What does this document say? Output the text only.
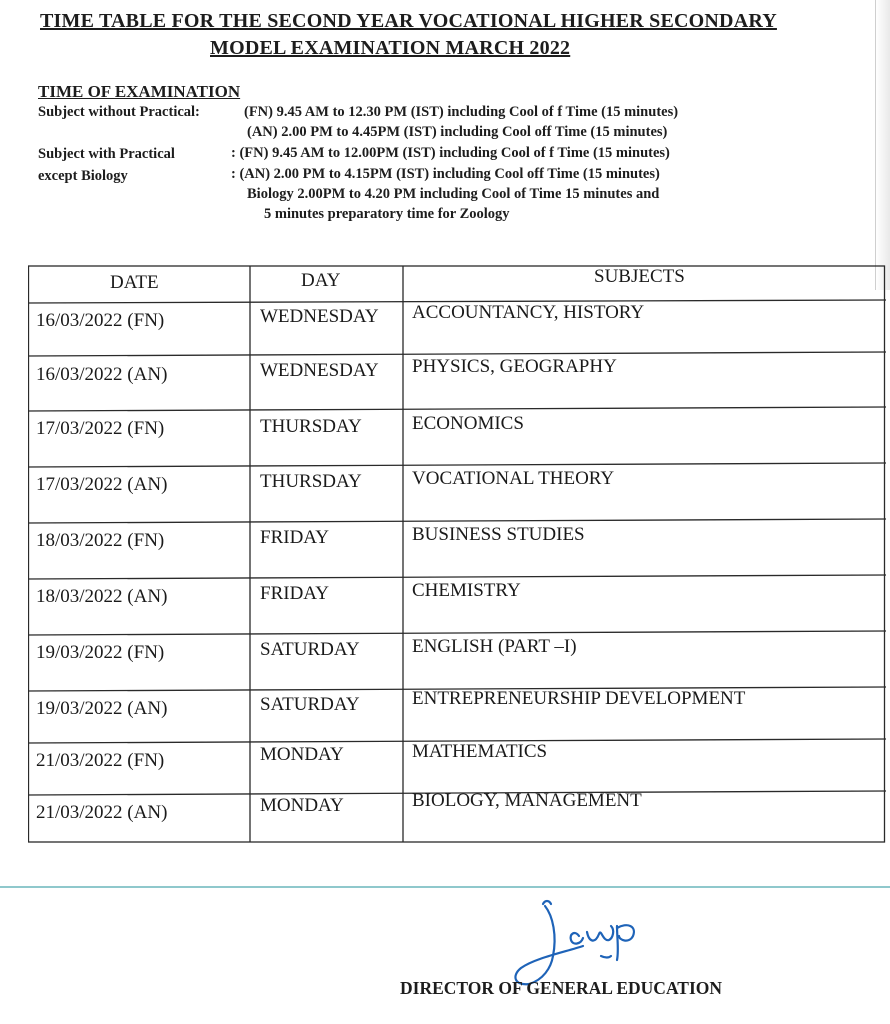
TIME TABLE FOR THE SECOND YEAR VOCATIONAL HIGHER SECONDARY
MODEL EXAMINATION MARCH 2022
TIME OF EXAMINATION
Subject without Practical:	(FN) 9.45 AM to 12.30 PM (IST) including Cool of f Time (15 minutes)
(AN) 2.00 PM to 4.45PM (IST) including Cool off Time (15 minutes)
Subject with Practical	: (FN) 9.45 AM to 12.00PM (IST) including Cool of f Time (15 minutes)
except Biology	: (AN) 2.00 PM to 4.15PM (IST) including Cool off Time (15 minutes)
Biology 2.00PM to 4.20 PM including Cool of Time 15 minutes and
5 minutes preparatory time for Zoology
DATE	DAY	SUBJECTS
16/03/2022 (FN)	WEDNESDAY ACCOUNTANCY, HISTORY
16/03/2022 (AN)	WEDNESDAY PHYSICS, GEOGRAPHY
17/03/2022 (FN)	THURSDAY	ECONOMICS
17/03/2022 (AN)	THURSDAY	VOCATIONAL THEORY
18/03/2022 (FN)	FRIDAY	BUSINESS STUDIES
18/03/2022 (AN)	FRIDAY	CHEMISTRY
19/03/2022 (FN)	SATURDAY	ENGLISH (PART –I)
19/03/2022 (AN)	SATURDAY	ENTREPRENEURSHIP DEVELOPMENT
21/03/2022 (FN)	MONDAY	MATHEMATICS
21/03/2022 (AN)	MONDAY	BIOLOGY, MANAGEMENT
DIRECTOR OF GENERAL EDUCATION
